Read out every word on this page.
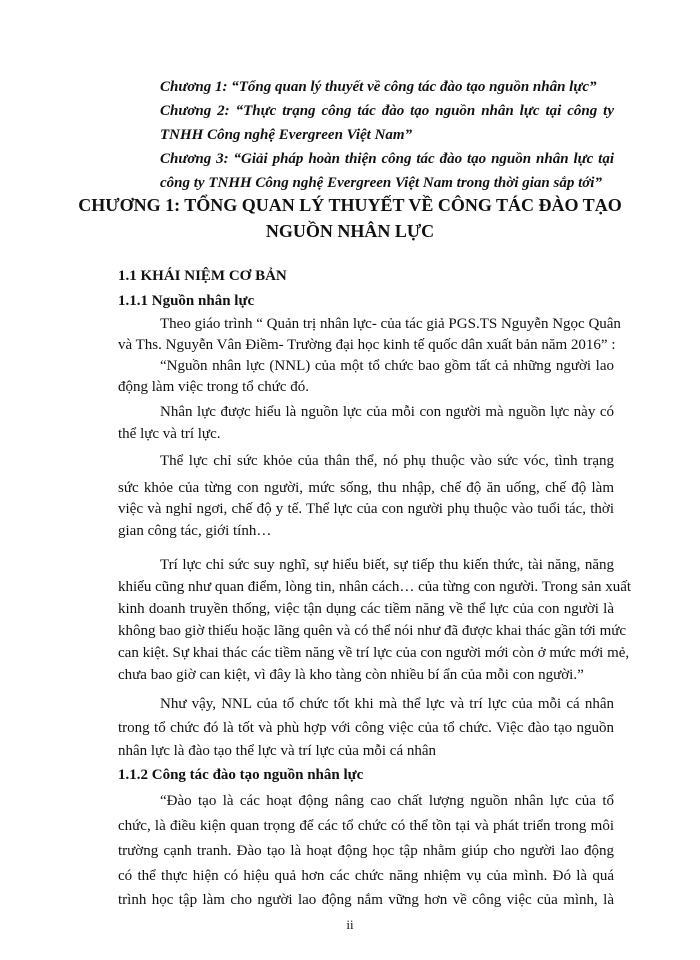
Chương 1: “Tổng quan lý thuyết về công tác đào tạo nguồn nhân lực”
Chương 2: “Thực trạng công tác đào tạo nguồn nhân lực tại công ty
TNHH Công nghệ Evergreen Việt Nam”
Chương 3: “Giải pháp hoàn thiện công tác đào tạo nguồn nhân lực tại
công ty TNHH Công nghệ Evergreen Việt Nam trong thời gian sắp tới”
CHƯƠNG 1: TỔNG QUAN LÝ THUYẾT VỀ CÔNG TÁC ĐÀO TẠO
NGUỒN NHÂN LỰC
1.1 KHÁI NIỆM CƠ BẢN
1.1.1 Nguồn nhân lực
Theo giáo trình “ Quản trị nhân lực- của tác giả PGS.TS Nguyễn Ngọc Quân
và Ths. Nguyễn Vân Điềm- Trường đại học kinh tế quốc dân xuất bản năm 2016” :
“Nguồn nhân lực (NNL) của một tổ chức bao gồm tất cả những người lao
động làm việc trong tổ chức đó.
Nhân lực được hiểu là nguồn lực của mỗi con người mà nguồn lực này có
thể lực và trí lực.
Thể lực chỉ sức khỏe của thân thể, nó phụ thuộc vào sức vóc, tình trạng
sức khỏe của từng con người, mức sống, thu nhập, chế độ ăn uống, chế độ làm
việc và nghỉ ngơi, chế độ y tế. Thể lực của con người phụ thuộc vào tuổi tác, thời
gian công tác, giới tính…
Trí lực chỉ sức suy nghĩ, sự hiểu biết, sự tiếp thu kiến thức, tài năng, năng
khiếu cũng như quan điểm, lòng tin, nhân cách… của từng con người. Trong sản xuất
kinh doanh truyền thống, việc tận dụng các tiềm năng về thể lực của con người là
không bao giờ thiếu hoặc lãng quên và có thể nói như đã được khai thác gần tới mức
can kiệt. Sự khai thác các tiềm năng về trí lực của con người mới còn ở mức mới mẻ,
chưa bao giờ can kiệt, vì đây là kho tàng còn nhiều bí ẩn của mỗi con người.”
Như vậy, NNL của tổ chức tốt khi mà thể lực và trí lực của mỗi cá nhân
trong tổ chức đó là tốt và phù hợp với công việc của tổ chức. Việc đào tạo nguồn
nhân lực là đào tạo thể lực và trí lực của mỗi cá nhân
1.1.2 Công tác đào tạo nguồn nhân lực
“Đào tạo là các hoạt động nâng cao chất lượng nguồn nhân lực của tổ
chức, là điều kiện quan trọng để các tổ chức có thể tồn tại và phát triển trong môi
trường cạnh tranh. Đào tạo là hoạt động học tập nhằm giúp cho người lao động
có thể thực hiện có hiệu quả hơn các chức năng nhiệm vụ của mình. Đó là quá
trình học tập làm cho người lao động nắm vững hơn về công việc của mình, là
ii
